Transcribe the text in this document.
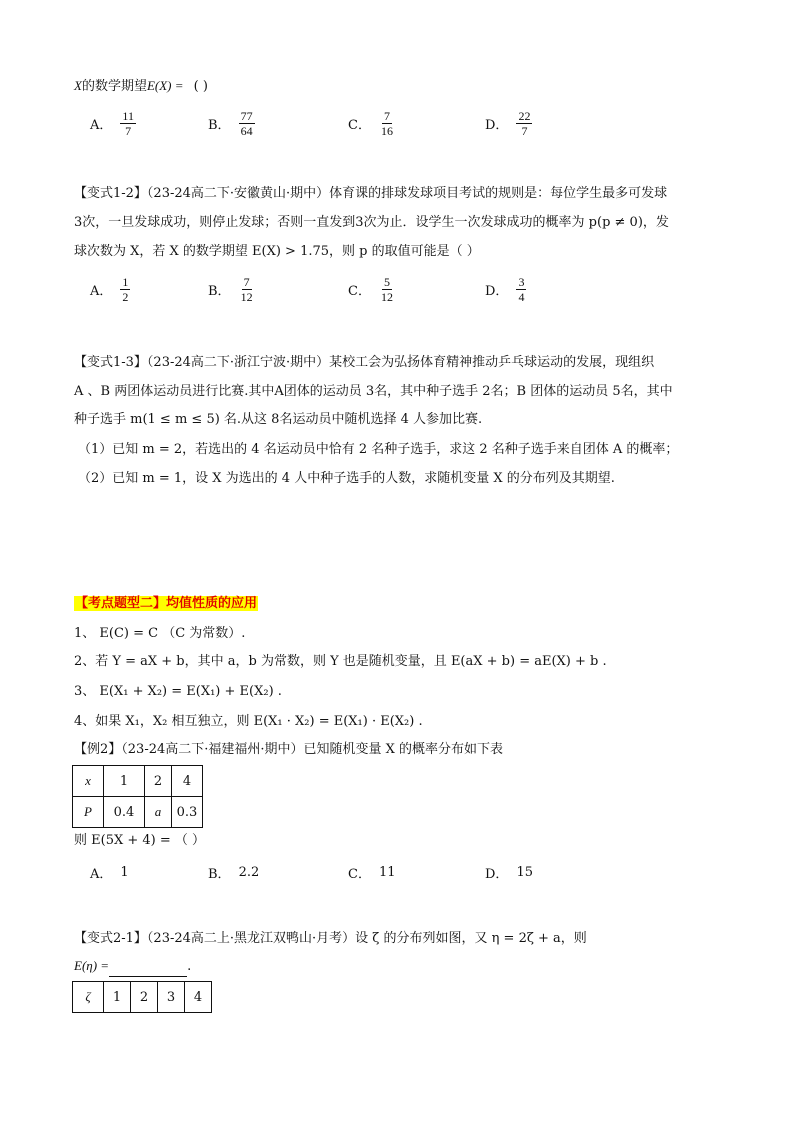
X的数学期望E(X) = ( )
A． $\frac{11}{7}$	B． $\frac{77}{64}$	C． $\frac{7}{16}$	D． $\frac{22}{7}$
【变式1-2】（23-24高二下·安徽黄山·期中）体育课的排球发球项目考试的规则是：每位学生最多可发球
3次，一旦发球成功，则停止发球；否则一直发到3次为止．设学生一次发球成功的概率为 p(p ≠ 0)，发
球次数为 X，若 X 的数学期望 E(X) > 1.75，则 p 的取值可能是（ ）
A． $\frac{1}{2}$	B． $\frac{7}{12}$	C． $\frac{5}{12}$	D． $\frac{3}{4}$
【变式1-3】（23-24高二下·浙江宁波·期中）某校工会为弘扬体育精神推动乒乓球运动的发展，现组织
A 、B 两团体运动员进行比赛.其中A团体的运动员 3名，其中种子选手 2名；B 团体的运动员 5名，其中
种子选手 m(1 ≤ m ≤ 5) 名.从这 8名运动员中随机选择 4 人参加比赛.
（1）已知 m = 2，若选出的 4 名运动员中恰有 2 名种子选手，求这 2 名种子选手来自团体 A 的概率；
（2）已知 m = 1，设 X 为选出的 4 人中种子选手的人数，求随机变量 X 的分布列及其期望.
【考点题型二】均值性质的应用
1、 E(C) = C （C 为常数）.
2、若 Y = aX + b，其中 a，b 为常数，则 Y 也是随机变量，且 E(aX + b) = aE(X) + b .
3、 E(X₁ + X₂) = E(X₁) + E(X₂) .
4、如果 X₁，X₂ 相互独立，则 E(X₁ · X₂) = E(X₁) · E(X₂) .
【例2】（23-24高二下·福建福州·期中）已知随机变量 X 的概率分布如下表
x	1	2	4
P	0.4	a	0.3
则 E(5X + 4) = （ ）
A． 1	B． 2.2	C． 11	D． 15
【变式2-1】（23-24高二上·黑龙江双鸭山·月考）设 ζ 的分布列如图，又 η = 2ζ + a，则
E(η) =	.
ζ	1	2	3	4
